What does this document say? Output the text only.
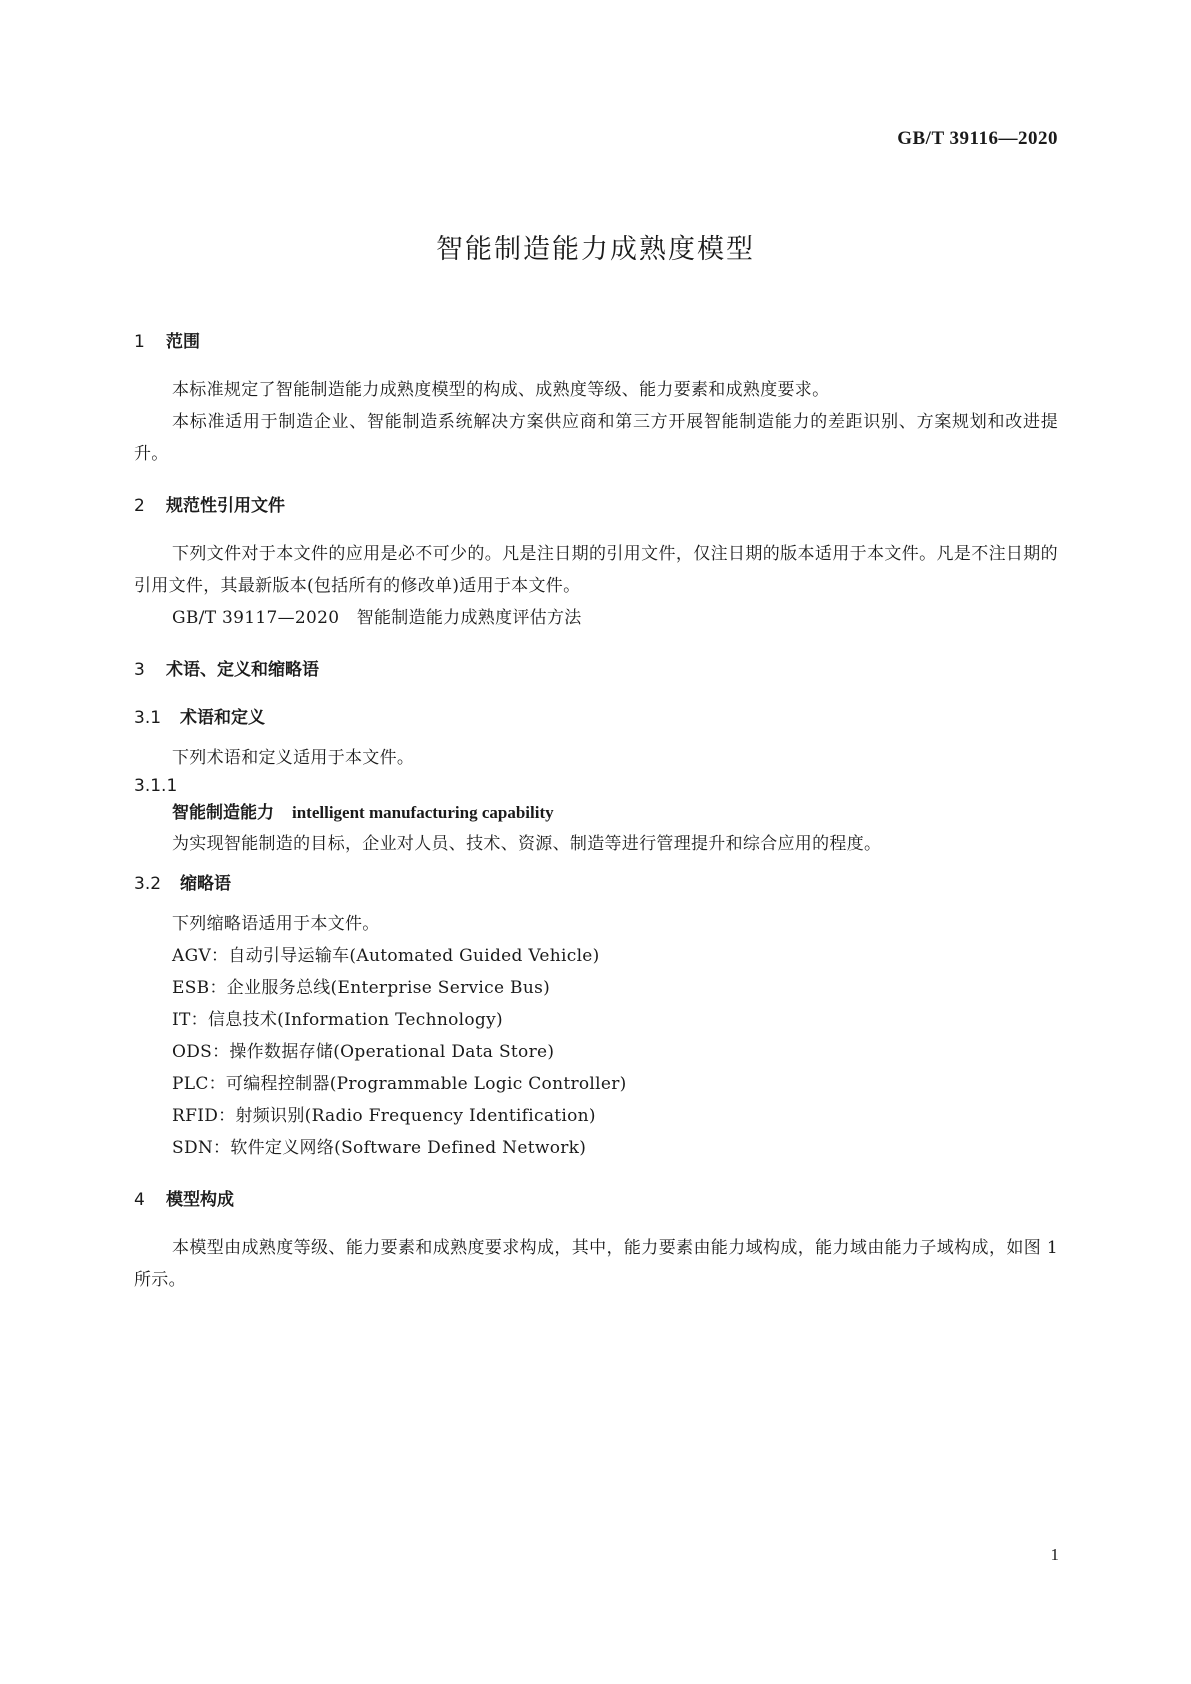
GB/T 39116—2020
智能制造能力成熟度模型
1	范围

本标准规定了智能制造能力成熟度模型的构成、成熟度等级、能力要素和成熟度要求。

本标准适用于制造企业、智能制造系统解决方案供应商和第三方开展智能制造能力的差距识别、方案规划和改进提升。

2	规范性引用文件

下列文件对于本文件的应用是必不可少的。凡是注日期的引用文件，仅注日期的版本适用于本文件。凡是不注日期的引用文件，其最新版本(包括所有的修改单)适用于本文件。

GB/T 39117—2020　智能制造能力成熟度评估方法

3	术语、定义和缩略语
3.1	术语和定义

下列术语和定义适用于本文件。

3.1.1
智能制造能力 intelligent manufacturing capability

为实现智能制造的目标，企业对人员、技术、资源、制造等进行管理提升和综合应用的程度。

3.2	缩略语

下列缩略语适用于本文件。

AGV：自动引导运输车(Automated Guided Vehicle)

ESB：企业服务总线(Enterprise Service Bus)

IT：信息技术(Information Technology)

ODS：操作数据存储(Operational Data Store)

PLC：可编程控制器(Programmable Logic Controller)

RFID：射频识别(Radio Frequency Identification)

SDN：软件定义网络(Software Defined Network)

4	模型构成

本模型由成熟度等级、能力要素和成熟度要求构成，其中，能力要素由能力域构成，能力域由能力子域构成，如图 1 所示。

1
